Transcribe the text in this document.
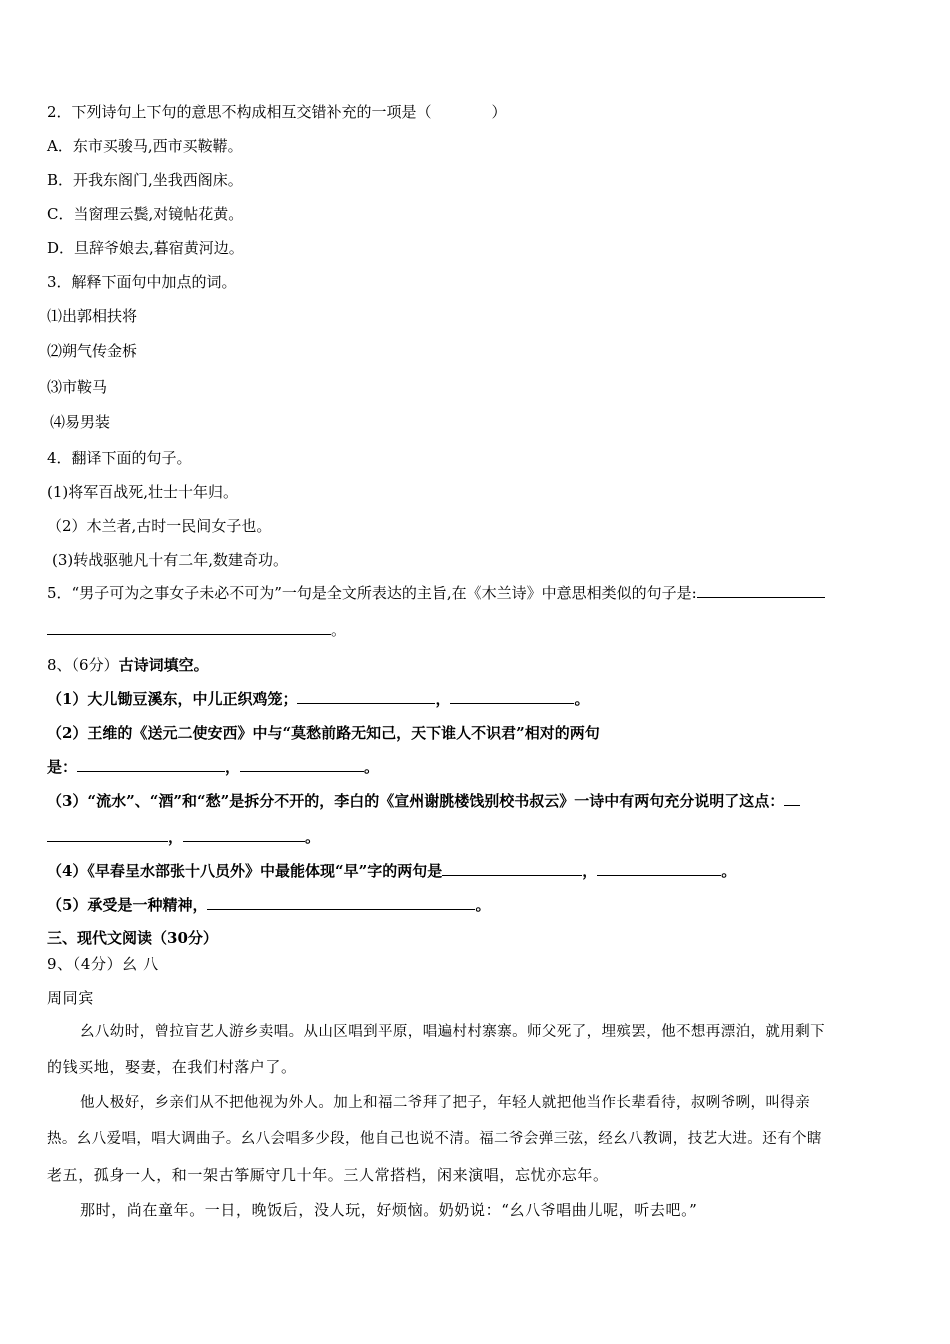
2．下列诗句上下句的意思不构成相互交错补充的一项是（　　　　）
A．东市买骏马,西市买鞍鞯。
B．开我东阁门,坐我西阁床。
C．当窗理云鬓,对镜帖花黄。
D．旦辞爷娘去,暮宿黄河边。
3．解释下面句中加点的词。
⑴出郭相扶将
⑵朔气传金柝
⑶市鞍马
⑷易男装
4．翻译下面的句子。
(1)将军百战死,壮士十年归。
（2）木兰者,古时一民间女子也。
(3)转战驱驰凡十有二年,数建奇功。
5．“男子可为之事女子未必不可为”一句是全文所表达的主旨,在《木兰诗》中意思相类似的句子是:
。
8、（6分）古诗词填空。
（1）大儿锄豆溪东，中儿正织鸡笼；	，	。
（2）王维的《送元二使安西》中与“莫愁前路无知己，天下谁人不识君”相对的两句
是：	，	。
（3）“流水”、“酒”和“愁”是拆分不开的，李白的《宣州谢朓楼饯别校书叔云》一诗中有两句充分说明了这点：
，	。
（4）《早春呈水部张十八员外》中最能体现“早”字的两句是	，	。
（5）承受是一种精神，	。
三、现代文阅读（30分）
9、（4分）幺 八
周同宾
幺八幼时，曾拉盲艺人游乡卖唱。从山区唱到平原，唱遍村村寨寨。师父死了，埋殡罢，他不想再漂泊，就用剩下
的钱买地，娶妻，在我们村落户了。
他人极好，乡亲们从不把他视为外人。加上和福二爷拜了把子，年轻人就把他当作长辈看待，叔咧爷咧，叫得亲
热。幺八爱唱，唱大调曲子。幺八会唱多少段，他自己也说不清。福二爷会弹三弦，经幺八教调，技艺大进。还有个瞎
老五，孤身一人，和一架古筝厮守几十年。三人常搭档，闲来演唱，忘忧亦忘年。
那时，尚在童年。一日，晚饭后，没人玩，好烦恼。奶奶说：“幺八爷唱曲儿呢，听去吧。”
